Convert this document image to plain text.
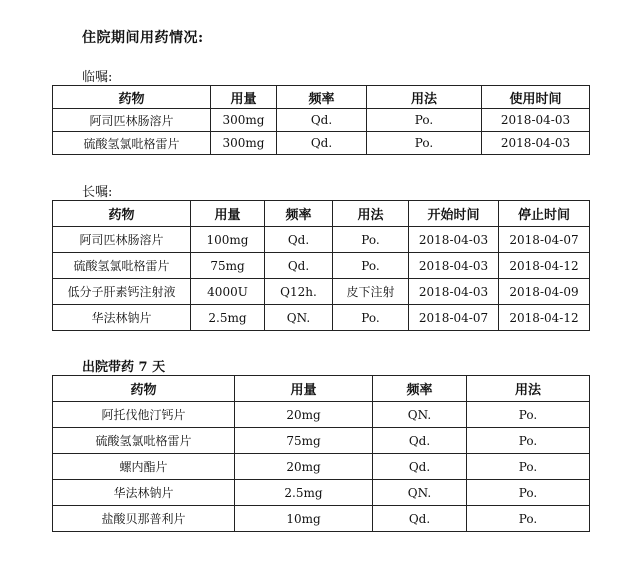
住院期间用药情况:
临嘱:
药物	用量	频率	用法	使用时间
阿司匹林肠溶片	300mg	Qd.	Po.	2018-04-03
硫酸氢氯吡格雷片	300mg	Qd.	Po.	2018-04-03
长嘱:
药物	用量	频率	用法	开始时间	停止时间
阿司匹林肠溶片	100mg	Qd.	Po.	2018-04-03	2018-04-07
硫酸氢氯吡格雷片	75mg	Qd.	Po.	2018-04-03	2018-04-12
低分子肝素钙注射液	4000U	Q12h.	皮下注射	2018-04-03	2018-04-09
华法林钠片	2.5mg	QN.	Po.	2018-04-07	2018-04-12
出院带药 7 天
药物	用量	频率	用法
阿托伐他汀钙片	20mg	QN.	Po.
硫酸氢氯吡格雷片	75mg	Qd.	Po.
螺内酯片	20mg	Qd.	Po.
华法林钠片	2.5mg	QN.	Po.
盐酸贝那普利片	10mg	Qd.	Po.
